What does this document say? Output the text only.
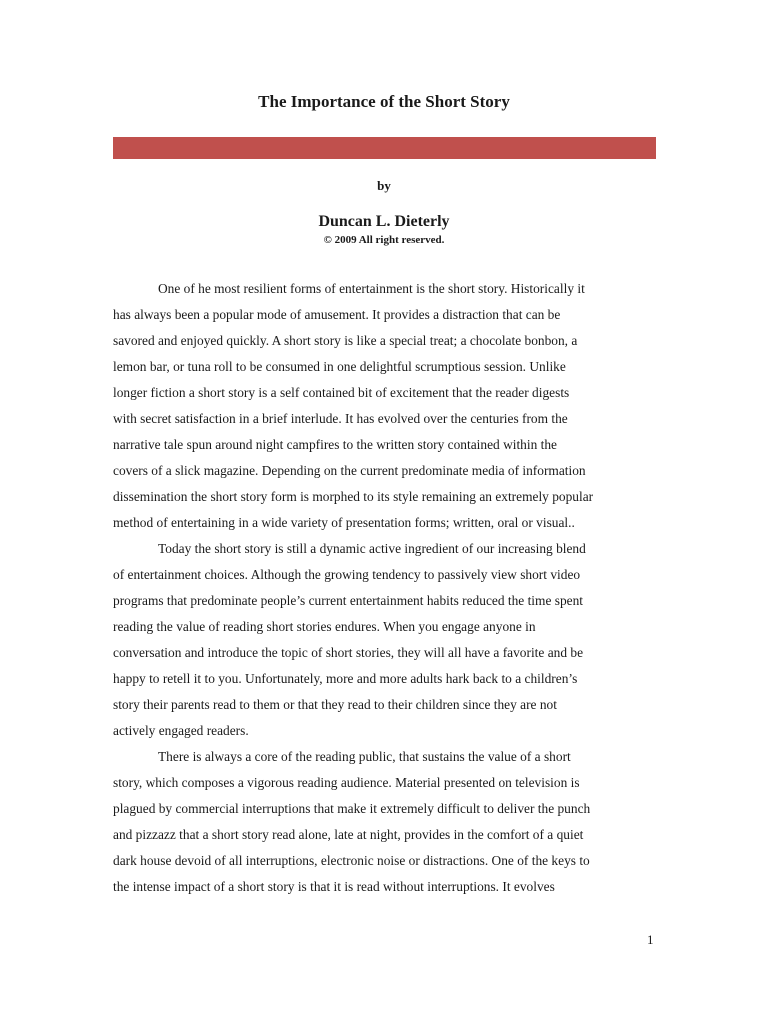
The Importance of the Short Story
by
Duncan L. Dieterly
© 2009 All right reserved.
One of he most resilient forms of entertainment is the short story. Historically it
has always been a popular mode of amusement. It provides a distraction that can be
savored and enjoyed quickly. A short story is like a special treat; a chocolate bonbon, a
lemon bar, or tuna roll to be consumed in one delightful scrumptious session. Unlike
longer fiction a short story is a self contained bit of excitement that the reader digests
with secret satisfaction in a brief interlude. It has evolved over the centuries from the
narrative tale spun around night campfires to the written story contained within the
covers of a slick magazine. Depending on the current predominate media of information
dissemination the short story form is morphed to its style remaining an extremely popular
method of entertaining in a wide variety of presentation forms; written, oral or visual..
Today the short story is still a dynamic active ingredient of our increasing blend
of entertainment choices. Although the growing tendency to passively view short video
programs that predominate people’s current entertainment habits reduced the time spent
reading the value of reading short stories endures. When you engage anyone in
conversation and introduce the topic of short stories, they will all have a favorite and be
happy to retell it to you. Unfortunately, more and more adults hark back to a children’s
story their parents read to them or that they read to their children since they are not
actively engaged readers.
There is always a core of the reading public, that sustains the value of a short
story, which composes a vigorous reading audience. Material presented on television is
plagued by commercial interruptions that make it extremely difficult to deliver the punch
and pizzazz that a short story read alone, late at night, provides in the comfort of a quiet
dark house devoid of all interruptions, electronic noise or distractions. One of the keys to
the intense impact of a short story is that it is read without interruptions. It evolves
1
